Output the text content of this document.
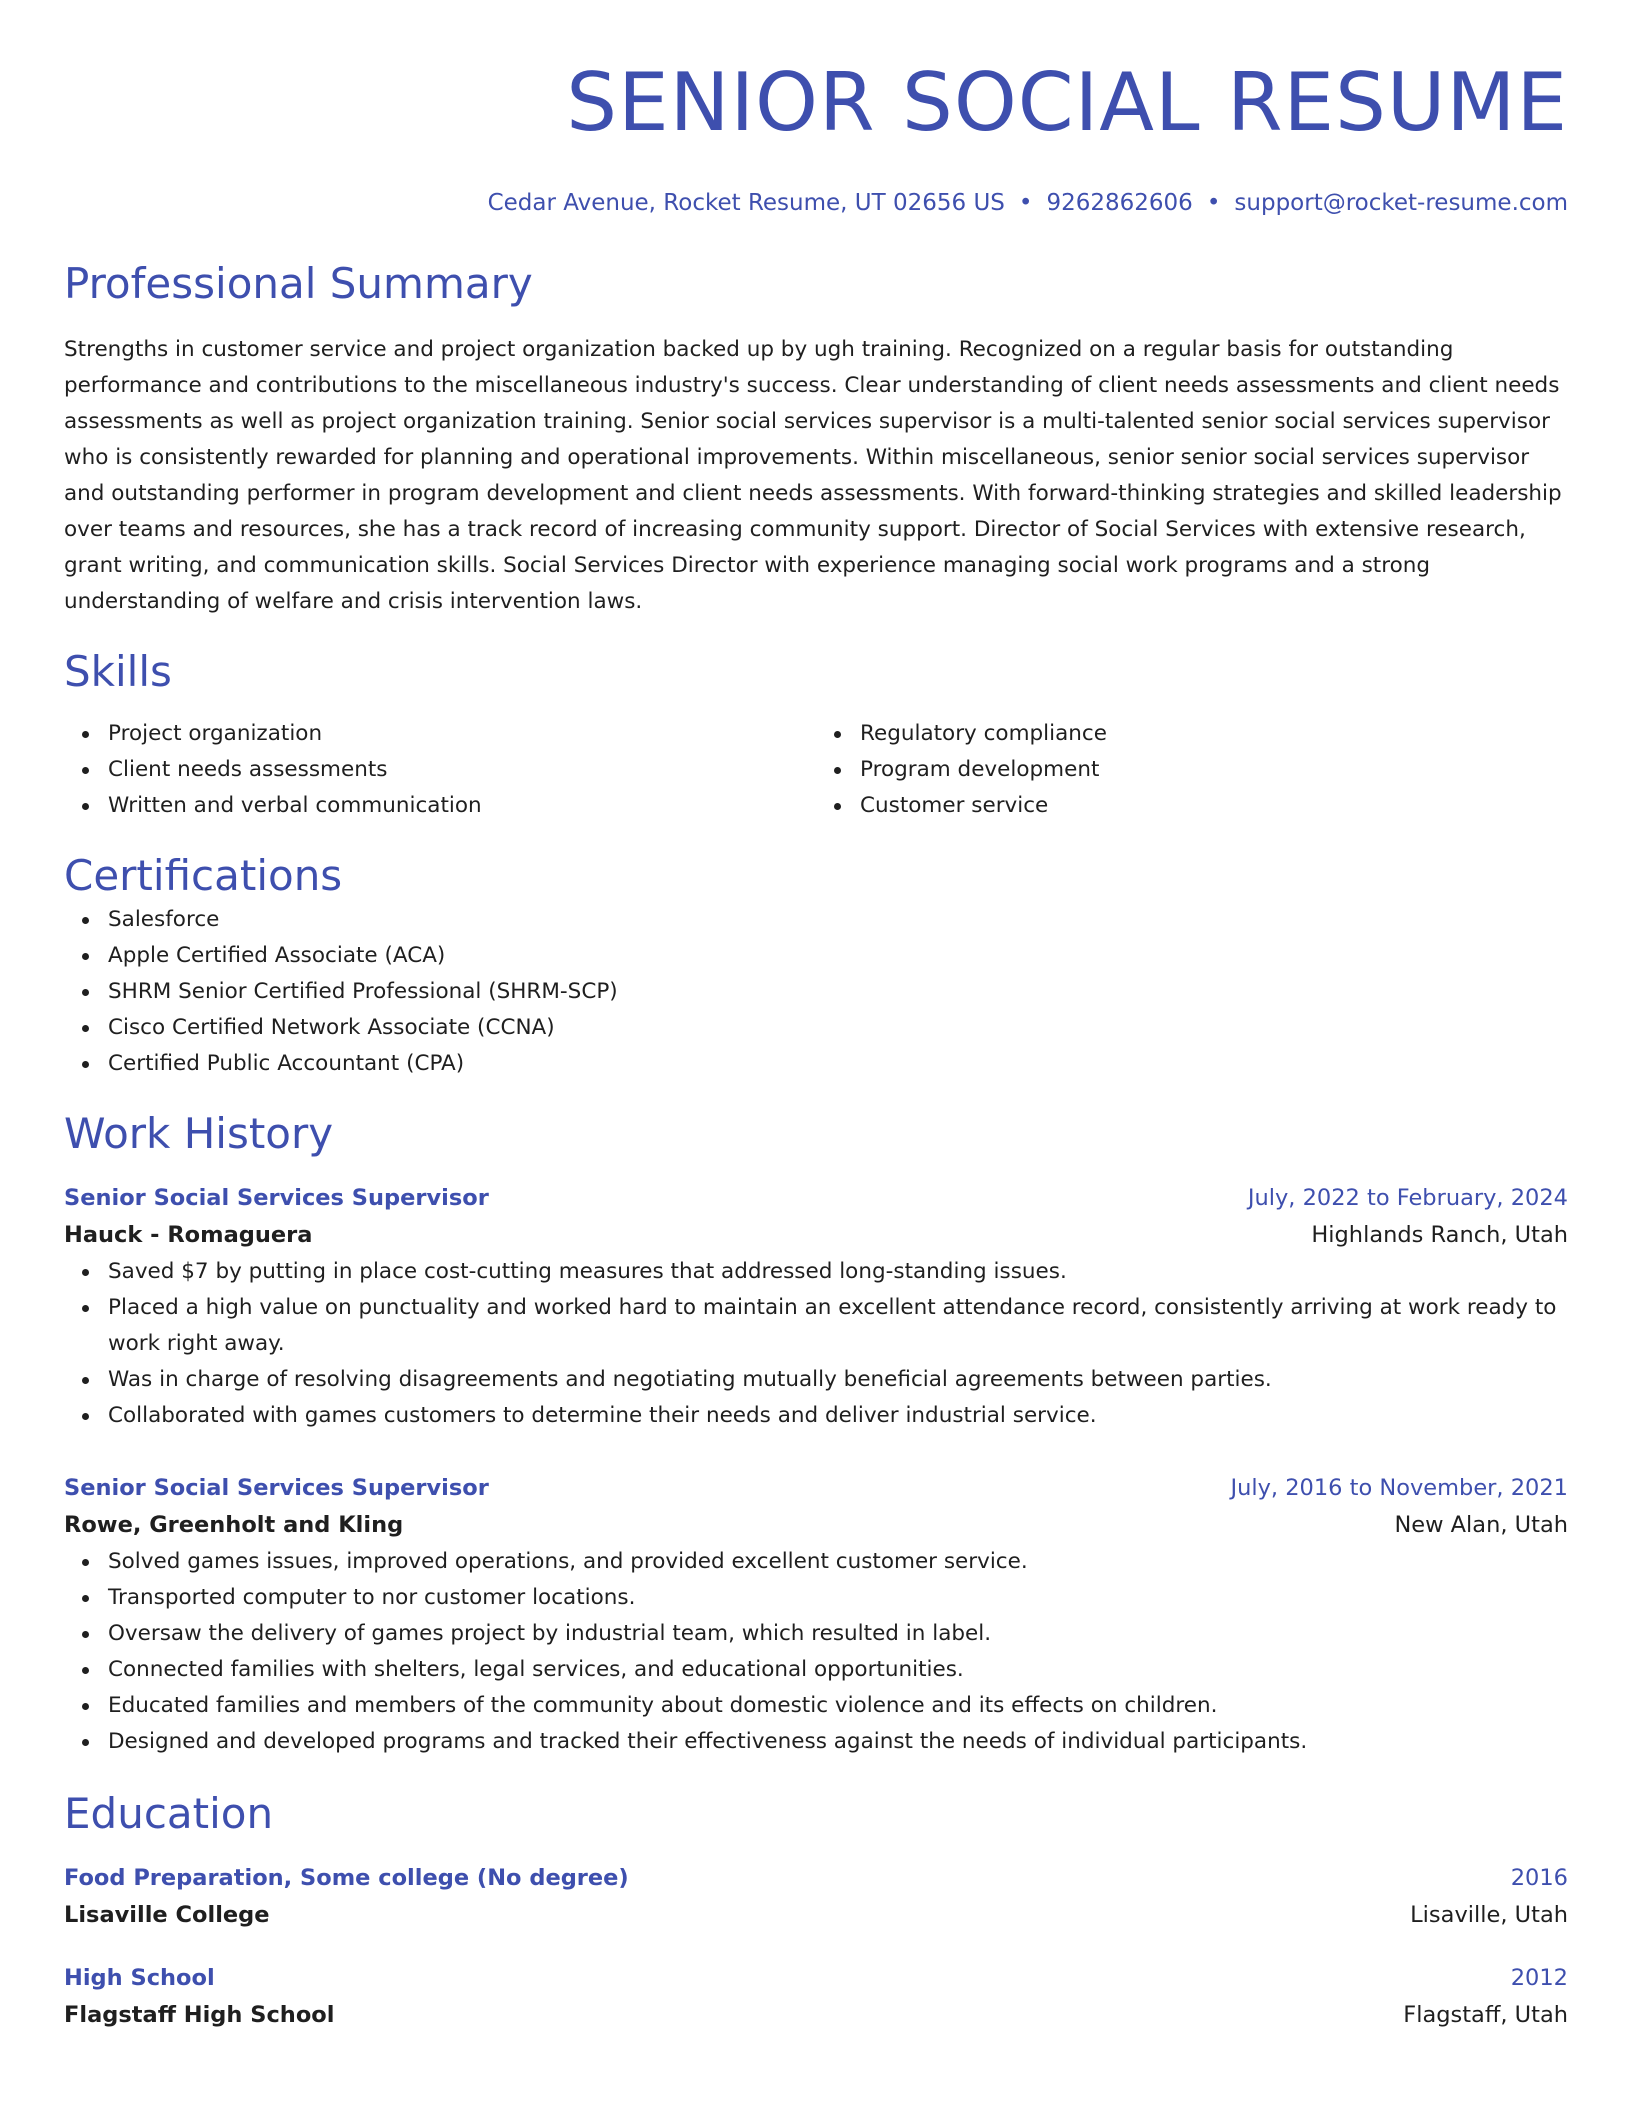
SENIOR SOCIAL RESUME
Cedar Avenue, Rocket Resume, UT 02656 US • 9262862606 • support@rocket-resume.com
Professional Summary
Strengths in customer service and project organization backed up by ugh training. Recognized on a regular basis for outstanding performance and contributions to the miscellaneous industry's success. Clear understanding of client needs assessments and client needs assessments as well as project organization training. Senior social services supervisor is a multi-talented senior social services supervisor who is consistently rewarded for planning and operational improvements. Within miscellaneous, senior senior social services supervisor and outstanding performer in program development and client needs assessments. With forward-thinking strategies and skilled leadership over teams and resources, she has a track record of increasing community support. Director of Social Services with extensive research, grant writing, and communication skills. Social Services Director with experience managing social work programs and a strong understanding of welfare and crisis intervention laws.
Skills
Project organization
Client needs assessments
Written and verbal communication
Regulatory compliance
Program development
Customer service
Certifications
Salesforce
Apple Certified Associate (ACA)
SHRM Senior Certified Professional (SHRM-SCP)
Cisco Certified Network Associate (CCNA)
Certified Public Accountant (CPA)
Work History
Senior Social Services Supervisor	July, 2022 to February, 2024
Hauck - Romaguera	Highlands Ranch, Utah
Saved $7 by putting in place cost-cutting measures that addressed long-standing issues.
Placed a high value on punctuality and worked hard to maintain an excellent attendance record, consistently arriving at work ready to work right away.
Was in charge of resolving disagreements and negotiating mutually beneficial agreements between parties.
Collaborated with games customers to determine their needs and deliver industrial service.
Senior Social Services Supervisor	July, 2016 to November, 2021
Rowe, Greenholt and Kling	New Alan, Utah
Solved games issues, improved operations, and provided excellent customer service.
Transported computer to nor customer locations.
Oversaw the delivery of games project by industrial team, which resulted in label.
Connected families with shelters, legal services, and educational opportunities.
Educated families and members of the community about domestic violence and its effects on children.
Designed and developed programs and tracked their effectiveness against the needs of individual participants.
Education
Food Preparation, Some college (No degree)	2016
Lisaville College	Lisaville, Utah
High School	2012
Flagstaff High School	Flagstaff, Utah
